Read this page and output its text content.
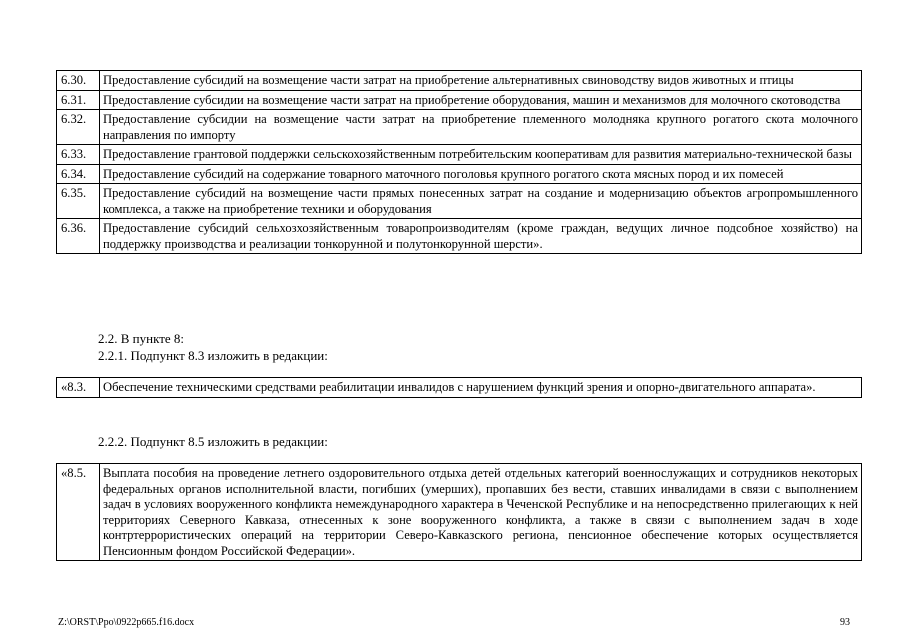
6.30.	Предоставление субсидий на возмещение части затрат на приобретение альтернативных свиноводству видов животных и птицы
6.31.	Предоставление субсидии на возмещение части затрат на приобретение оборудования, машин и механизмов для молочного скотоводства
6.32.	Предоставление субсидии на возмещение части затрат на приобретение племенного молодняка крупного рогатого скота молочного направления по импорту
6.33.	Предоставление грантовой поддержки сельскохозяйственным потребительским кооперативам для развития материально-технической базы
6.34.	Предоставление субсидий на содержание товарного маточного поголовья крупного рогатого скота мясных пород и их помесей
6.35.	Предоставление субсидий на возмещение части прямых понесенных затрат на создание и модернизацию объектов агропромышленного комплекса, а также на приобретение техники и оборудования
6.36.	Предоставление субсидий сельхозхозяйственным товаропроизводителям (кроме граждан, ведущих личное подсобное хозяйство) на поддержку производства и реализации тонкорунной и полутонкорунной шерсти».
2.2. В пункте 8:
2.2.1. Подпункт 8.3 изложить в редакции:
«8.3.	Обеспечение техническими средствами реабилитации инвалидов с нарушением функций зрения и опорно-двигательного аппарата».
2.2.2. Подпункт 8.5 изложить в редакции:
«8.5.	Выплата пособия на проведение летнего оздоровительного отдыха детей отдельных категорий военнослужащих и сотрудников некоторых федеральных органов исполнительной власти, погибших (умерших), пропавших без вести, ставших инвалидами в связи с выполнением задач в условиях вооруженного конфликта немеждународного характера в Чеченской Республике и на непосредственно прилегающих к ней территориях Северного Кавказа, отнесенных к зоне вооруженного конфликта, а также в связи с выполнением задач в ходе контртеррористических операций на территории Северо-Кавказского региона, пенсионное обеспечение которых осуществляется Пенсионным фондом Российской Федерации».
Z:\ORST\Ppo\0922p665.f16.docx	93
